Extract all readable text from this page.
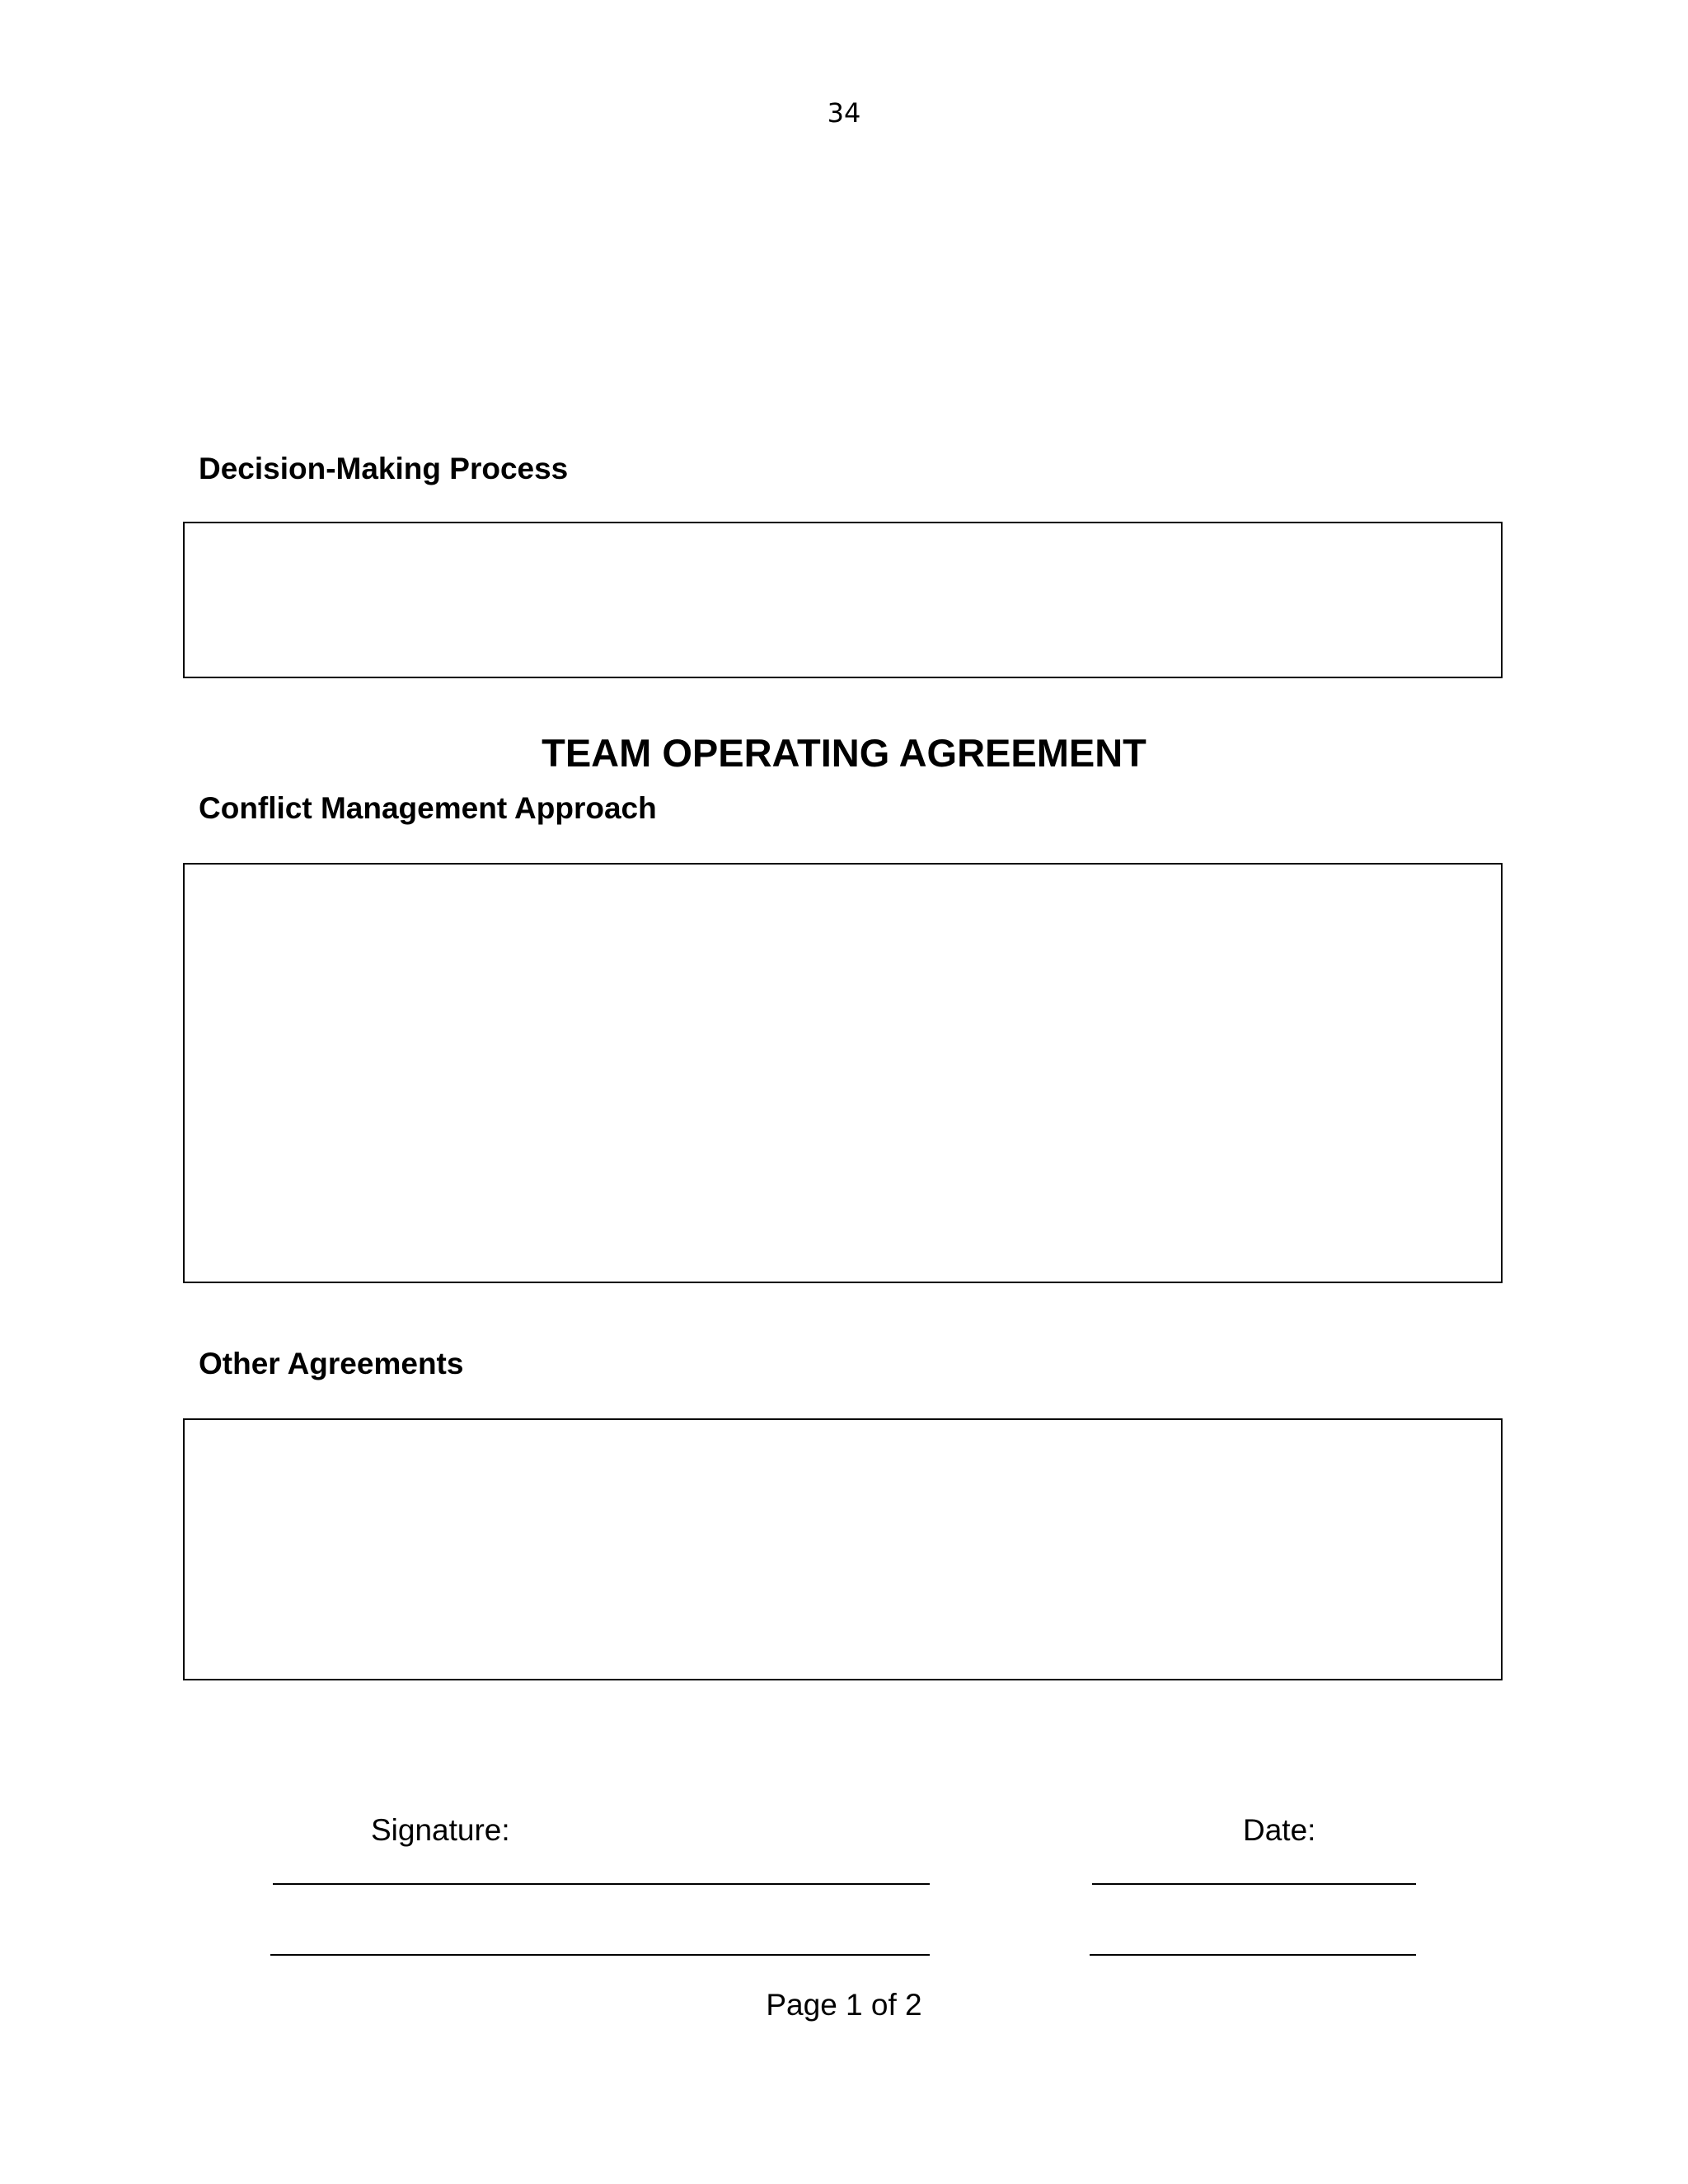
34
Decision-Making Process
TEAM OPERATING AGREEMENT
Conflict Management Approach
Other Agreements
Signature:	Date:
Page 1 of 2
